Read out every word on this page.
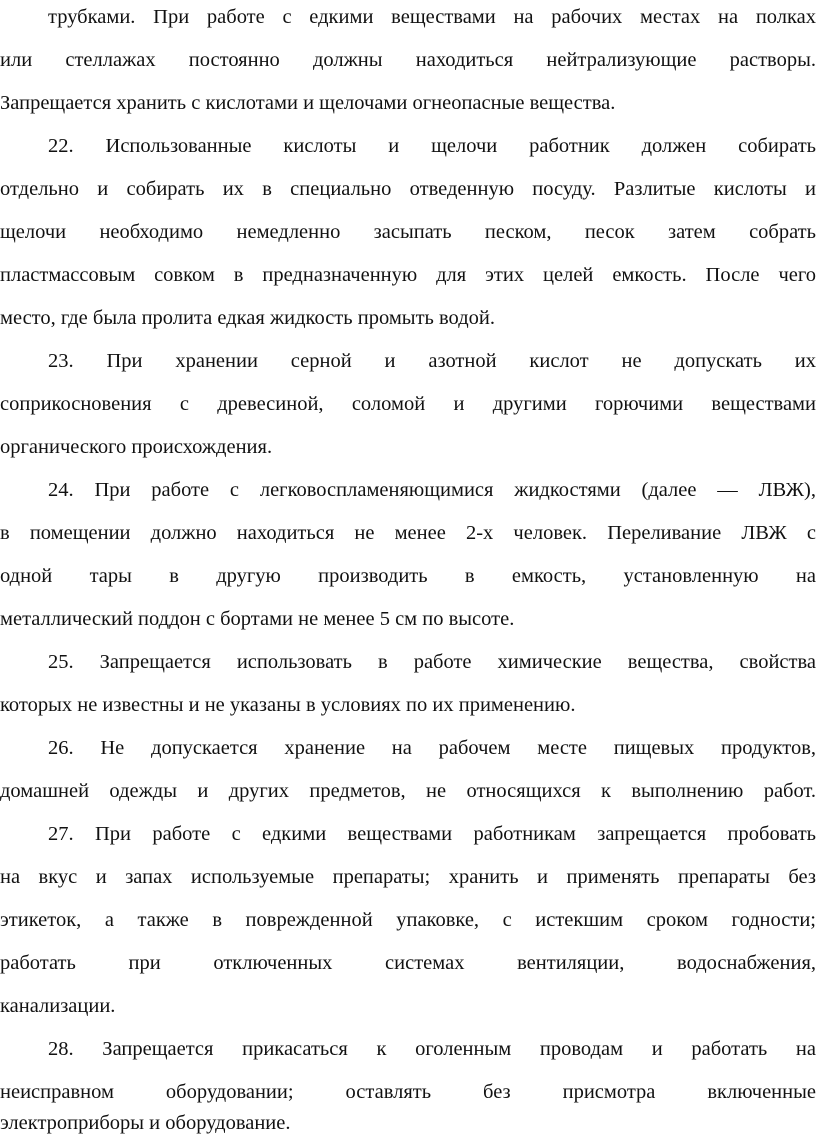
трубками. При работе с едкими веществами на рабочих местах на полках
или стеллажах постоянно должны находиться нейтрализующие растворы.
Запрещается хранить с кислотами и щелочами огнеопасные вещества.
22. Использованные кислоты и щелочи работник должен собирать
отдельно и собирать их в специально отведенную посуду. Разлитые кислоты и
щелочи необходимо немедленно засыпать песком, песок затем собрать
пластмассовым совком в предназначенную для этих целей емкость. После чего
место, где была пролита едкая жидкость промыть водой.
23. При хранении серной и азотной кислот не допускать их
соприкосновения с древесиной, соломой и другими горючими веществами
органического происхождения.
24. При работе с легковоспламеняющимися жидкостями (далее — ЛВЖ),
в помещении должно находиться не менее 2-х человек. Переливание ЛВЖ с
одной тары в другую производить в емкость, установленную на
металлический поддон с бортами не менее 5 см по высоте.
25. Запрещается использовать в работе химические вещества, свойства
которых не известны и не указаны в условиях по их применению.
26. Не допускается хранение на рабочем месте пищевых продуктов,
домашней одежды и других предметов, не относящихся к выполнению работ.
27. При работе с едкими веществами работникам запрещается пробовать
на вкус и запах используемые препараты; хранить и применять препараты без
этикеток, а также в поврежденной упаковке, с истекшим сроком годности;
работать при отключенных системах вентиляции, водоснабжения,
канализации.
28. Запрещается прикасаться к оголенным проводам и работать на
неисправном оборудовании; оставлять без присмотра включенные
электроприборы и оборудование.
